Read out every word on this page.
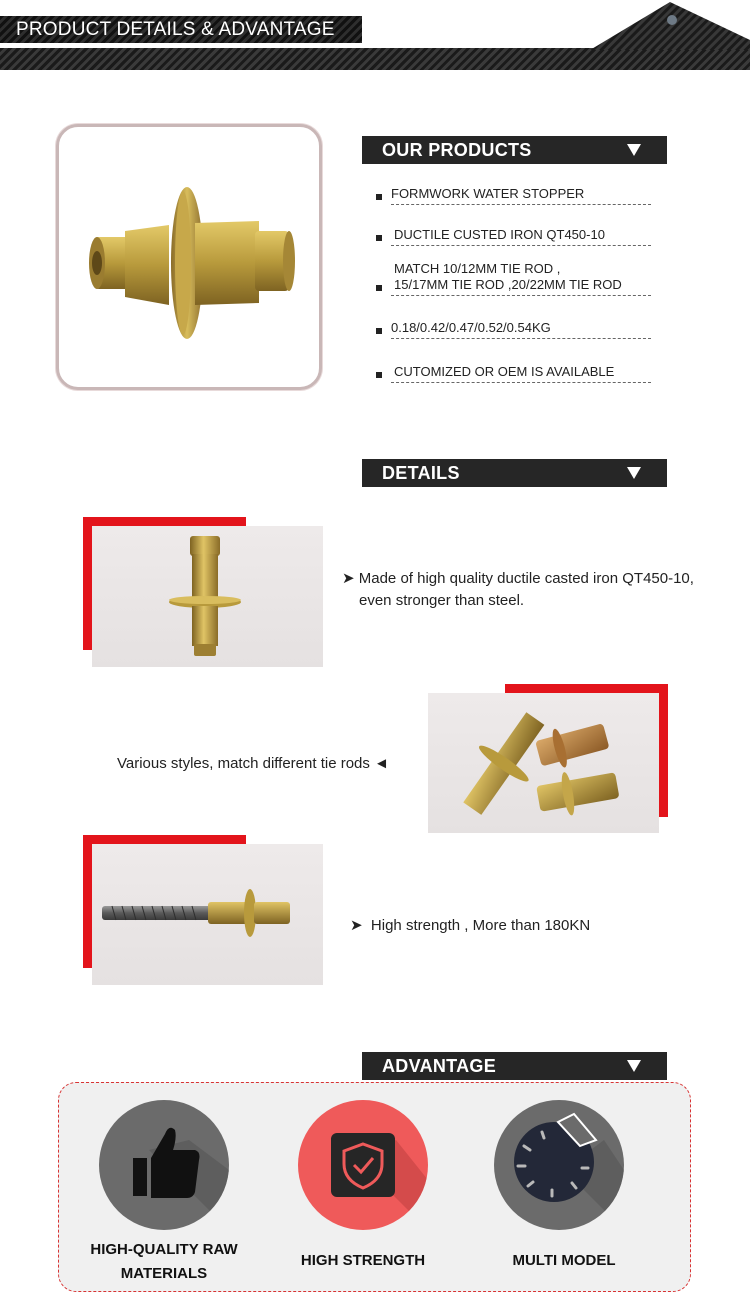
PRODUCT DETAILS & ADVANTAGE
OUR PRODUCTS
FORMWORK WATER STOPPER
DUCTILE CUSTED IRON QT450-10
MATCH 10/12MM TIE ROD ,
15/17MM TIE ROD ,20/22MM TIE ROD
0.18/0.42/0.47/0.52/0.54KG
CUTOMIZED OR OEM IS AVAILABLE
DETAILS
➤ Made of high quality ductile casted iron QT450-10,
even stronger than steel.
Various styles, match different tie rods ◄
➤ High strength , More than 180KN
ADVANTAGE
HIGH-QUALITY RAW
MATERIALS
HIGH STRENGTH	MULTI MODEL
